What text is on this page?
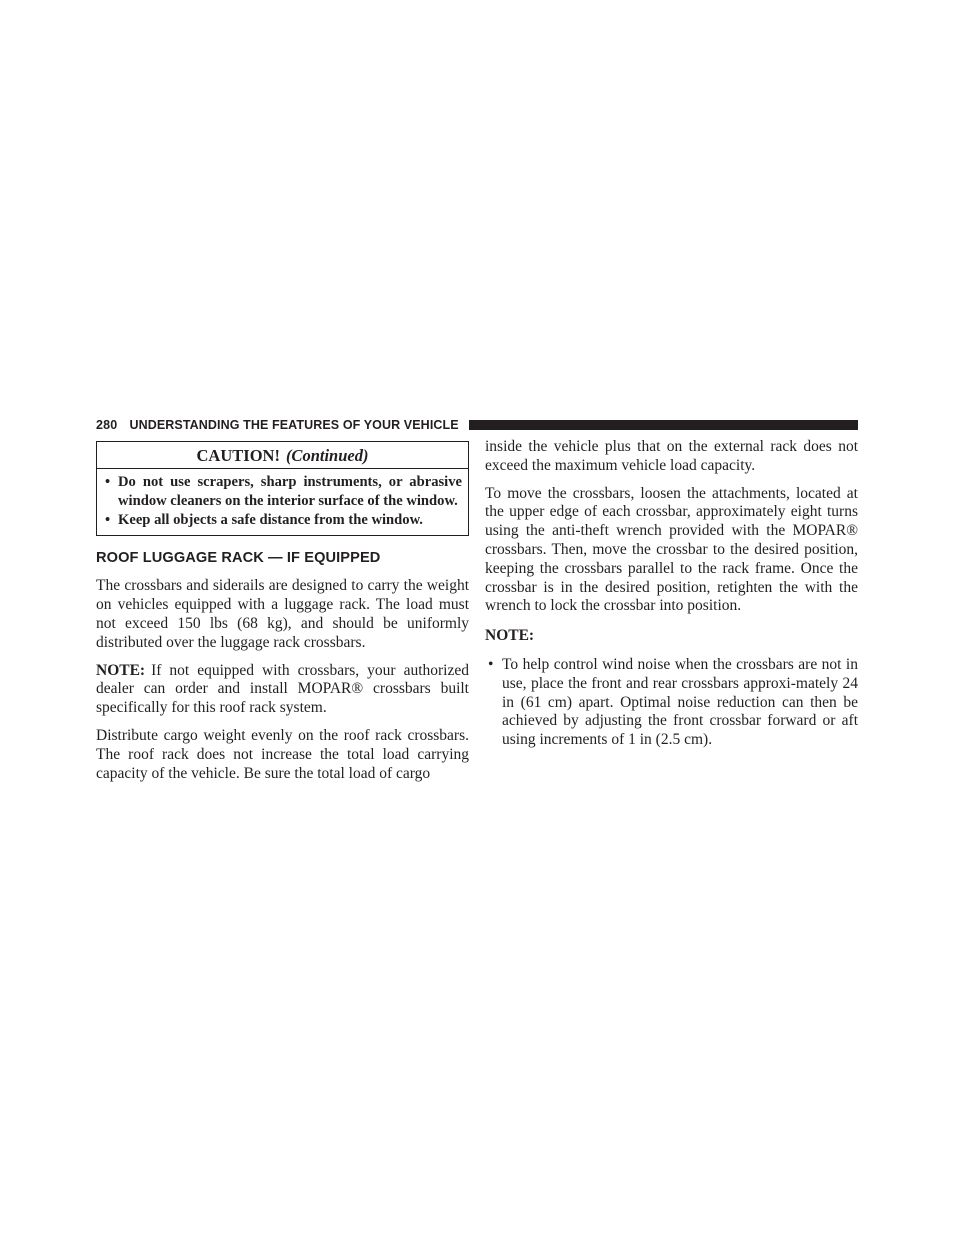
280 UNDERSTANDING THE FEATURES OF YOUR VEHICLE
CAUTION! (Continued)
• Do not use scrapers, sharp instruments, or abrasive window cleaners on the interior surface of the window.
• Keep all objects a safe distance from the window.
ROOF LUGGAGE RACK — IF EQUIPPED

The crossbars and siderails are designed to carry the weight on vehicles equipped with a luggage rack. The load must not exceed 150 lbs (68 kg), and should be uniformly distributed over the luggage rack crossbars.

NOTE: If not equipped with crossbars, your authorized dealer can order and install MOPAR® crossbars built specifically for this roof rack system.

Distribute cargo weight evenly on the roof rack crossbars. The roof rack does not increase the total load carrying capacity of the vehicle. Be sure the total load of cargo

inside the vehicle plus that on the external rack does not exceed the maximum vehicle load capacity.

To move the crossbars, loosen the attachments, located at the upper edge of each crossbar, approximately eight turns using the anti-theft wrench provided with the MOPAR® crossbars. Then, move the crossbar to the desired position, keeping the crossbars parallel to the rack frame. Once the crossbar is in the desired position, retighten the with the wrench to lock the crossbar into position.

NOTE:
• To help control wind noise when the crossbars are not in use, place the front and rear crossbars approxi-mately 24 in (61 cm) apart. Optimal noise reduction can then be achieved by adjusting the front crossbar forward or aft using increments of 1 in (2.5 cm).
